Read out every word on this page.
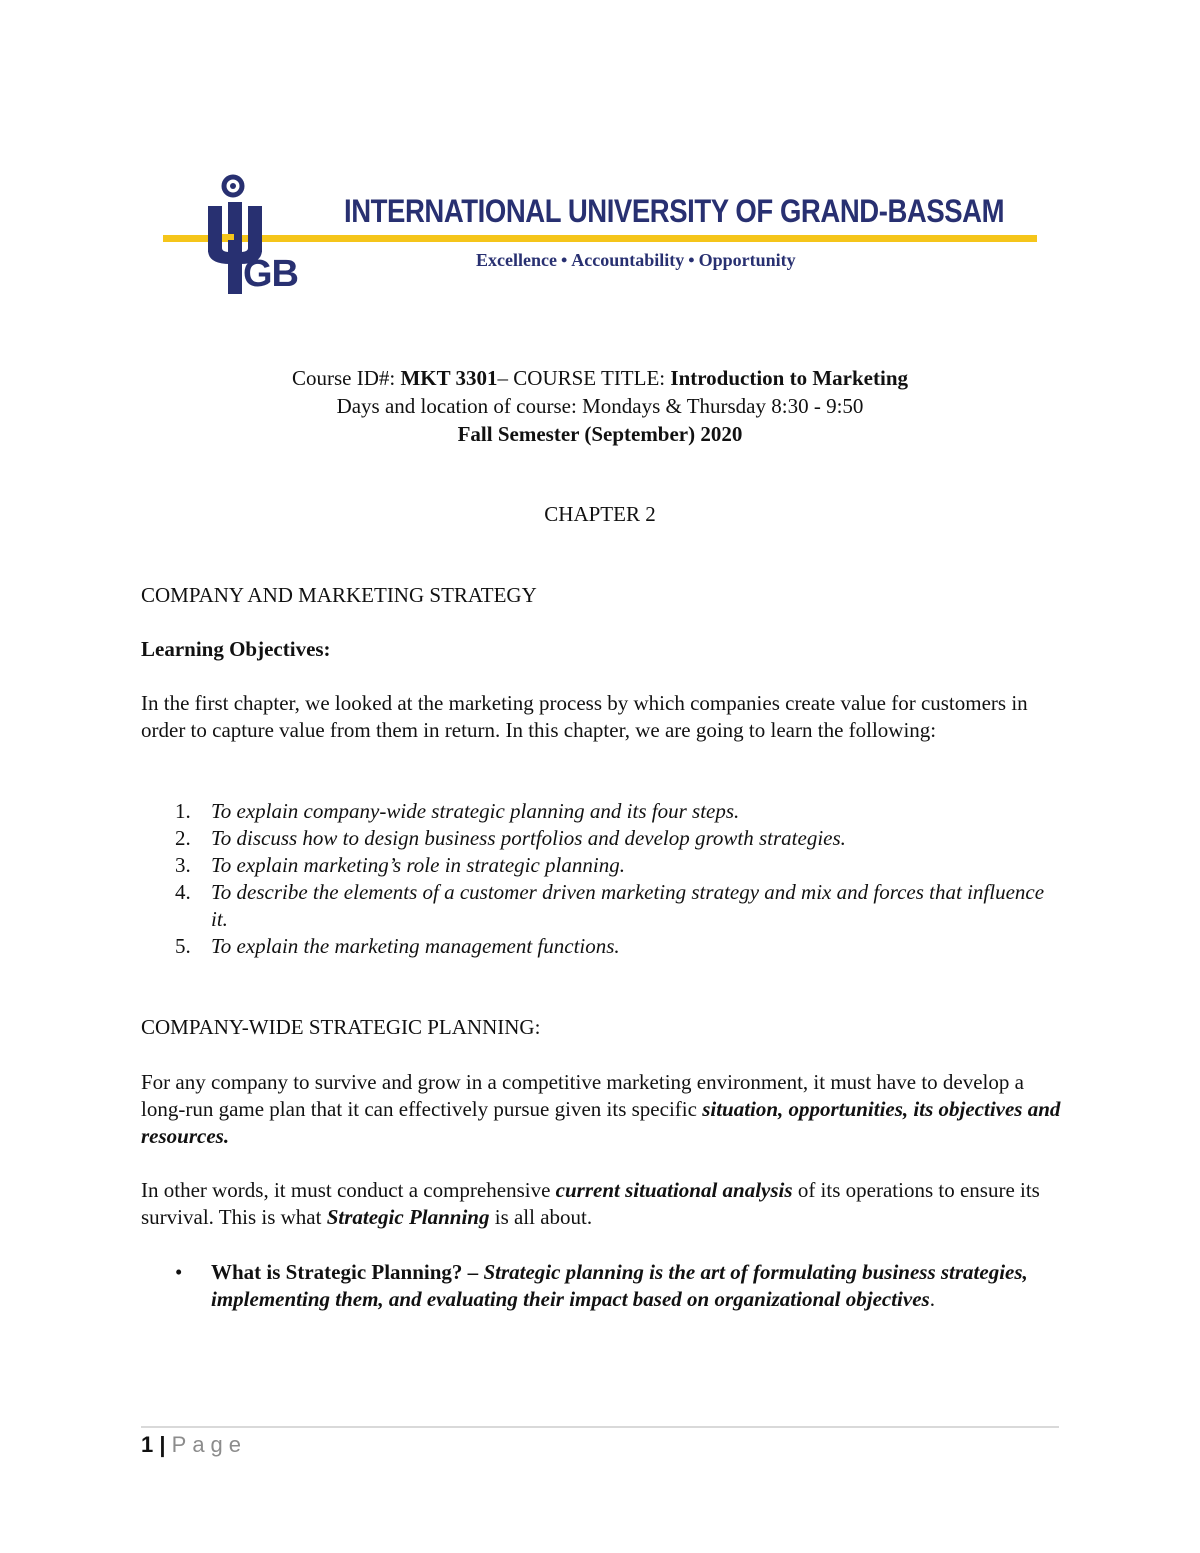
GB

INTERNATIONAL UNIVERSITY OF GRAND-BASSAM

Excellence • Accountability • Opportunity

Course ID#: MKT 3301– COURSE TITLE: Introduction to Marketing
Days and location of course: Mondays & Thursday 8:30 - 9:50
Fall Semester (September) 2020
CHAPTER 2

COMPANY AND MARKETING STRATEGY

Learning Objectives:

In the first chapter, we looked at the marketing process by which companies create value for customers in order to capture value from them in return. In this chapter, we are going to learn the following:

1. To explain company-wide strategic planning and its four steps.
2. To discuss how to design business portfolios and develop growth strategies.
3. To explain marketing’s role in strategic planning.
4. To describe the elements of a customer driven marketing strategy and mix and forces that influence it.
5. To explain the marketing management functions.

COMPANY-WIDE STRATEGIC PLANNING:

For any company to survive and grow in a competitive marketing environment, it must have to develop a long-run game plan that it can effectively pursue given its specific situation, opportunities, its objectives and resources.

In other words, it must conduct a comprehensive current situational analysis of its operations to ensure its survival. This is what Strategic Planning is all about.

•	What is Strategic Planning? – Strategic planning is the art of formulating business strategies, implementing them, and evaluating their impact based on organizational objectives.
1 | Page
